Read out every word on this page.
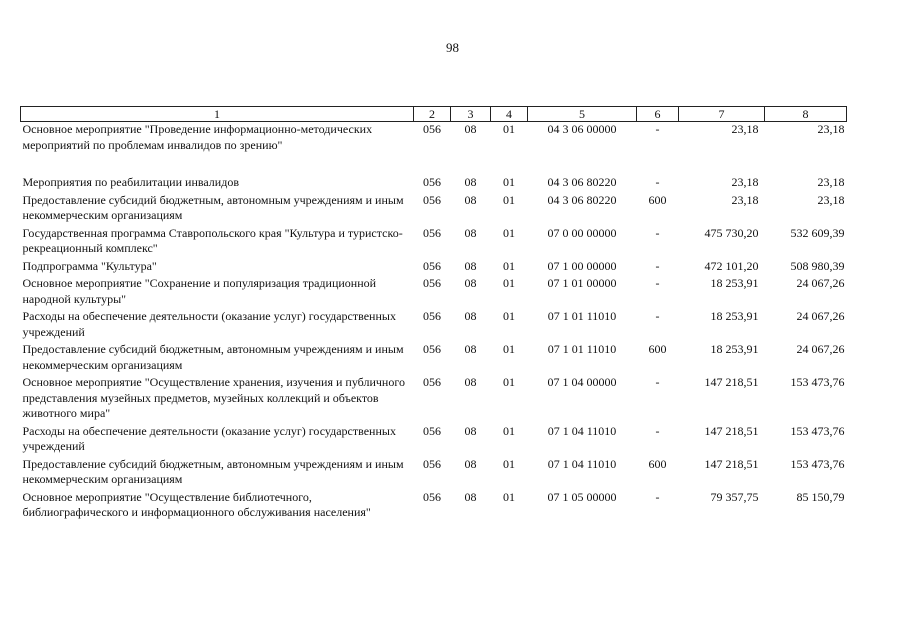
98
1	2	3	4	5	6	7	8
Основное мероприятие "Проведение информационно-методических мероприятий по проблемам инвалидов по зрению"	056	08	01	04 3 06 00000	-	23,18	23,18

Мероприятия по реабилитации инвалидов	056	08	01	04 3 06 80220	-	23,18	23,18
Предоставление субсидий бюджетным, автономным учреждениям и иным некоммерческим организациям	056	08	01	04 3 06 80220	600	23,18	23,18
Государственная программа Ставропольского края "Культура и туристско-рекреационный комплекс"	056	08	01	07 0 00 00000	-	475 730,20	532 609,39
Подпрограмма "Культура"	056	08	01	07 1 00 00000	-	472 101,20	508 980,39
Основное мероприятие "Сохранение и популяризация традиционной народной культуры"	056	08	01	07 1 01 00000	-	18 253,91	24 067,26
Расходы на обеспечение деятельности (оказание услуг) государственных учреждений	056	08	01	07 1 01 11010	-	18 253,91	24 067,26
Предоставление субсидий бюджетным, автономным учреждениям и иным некоммерческим организациям	056	08	01	07 1 01 11010	600	18 253,91	24 067,26
Основное мероприятие "Осуществление хранения, изучения и публичного представления музейных предметов, музейных коллекций и объектов животного мира"	056	08	01	07 1 04 00000	-	147 218,51	153 473,76
Расходы на обеспечение деятельности (оказание услуг) государственных учреждений	056	08	01	07 1 04 11010	-	147 218,51	153 473,76
Предоставление субсидий бюджетным, автономным учреждениям и иным некоммерческим организациям	056	08	01	07 1 04 11010	600	147 218,51	153 473,76
Основное мероприятие "Осуществление библиотечного, библиографического и информационного обслуживания населения"	056	08	01	07 1 05 00000	-	79 357,75	85 150,79
